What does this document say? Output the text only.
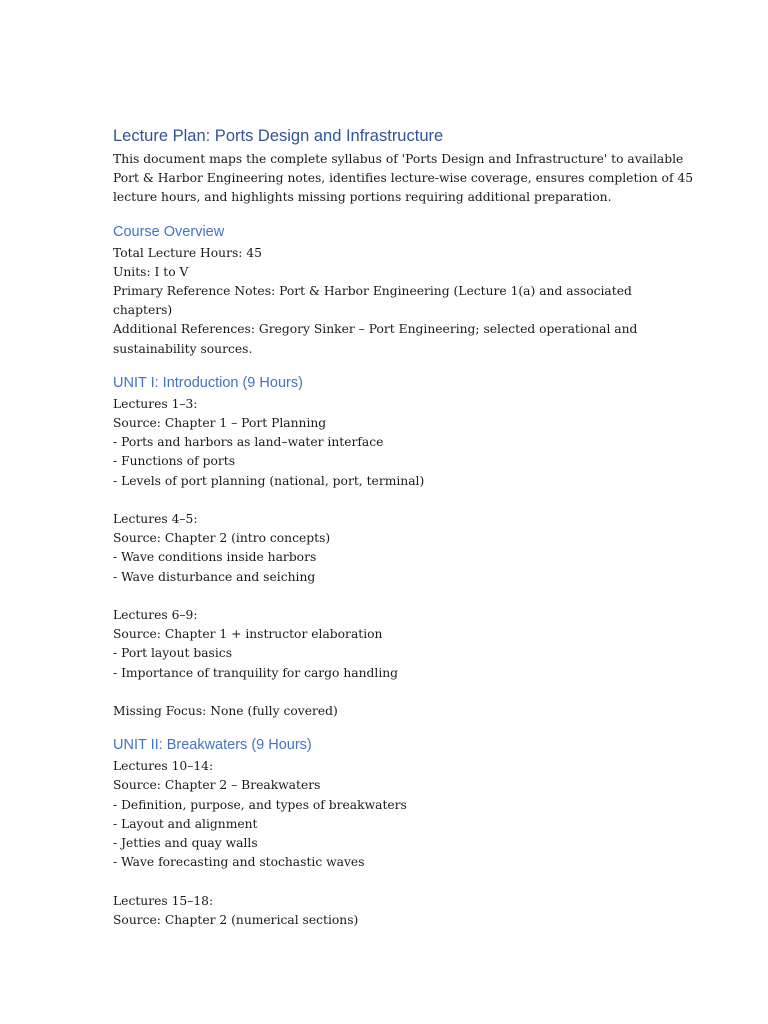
Lecture Plan: Ports Design and Infrastructure

This document maps the complete syllabus of 'Ports Design and Infrastructure' to available
Port & Harbor Engineering notes, identifies lecture-wise coverage, ensures completion of 45
lecture hours, and highlights missing portions requiring additional preparation.

Course Overview

Total Lecture Hours: 45
Units: I to V
Primary Reference Notes: Port & Harbor Engineering (Lecture 1(a) and associated
chapters)
Additional References: Gregory Sinker – Port Engineering; selected operational and
sustainability sources.

UNIT I: Introduction (9 Hours)
Lectures 1–3:
Source: Chapter 1 – Port Planning
- Ports and harbors as land–water interface
- Functions of ports
- Levels of port planning (national, port, terminal)
Lectures 4–5:
Source: Chapter 2 (intro concepts)
- Wave conditions inside harbors
- Wave disturbance and seiching
Lectures 6–9:
Source: Chapter 1 + instructor elaboration
- Port layout basics
- Importance of tranquility for cargo handling

Missing Focus: None (fully covered)

UNIT II: Breakwaters (9 Hours)
Lectures 10–14:
Source: Chapter 2 – Breakwaters
- Definition, purpose, and types of breakwaters
- Layout and alignment
- Jetties and quay walls
- Wave forecasting and stochastic waves
Lectures 15–18:
Source: Chapter 2 (numerical sections)
